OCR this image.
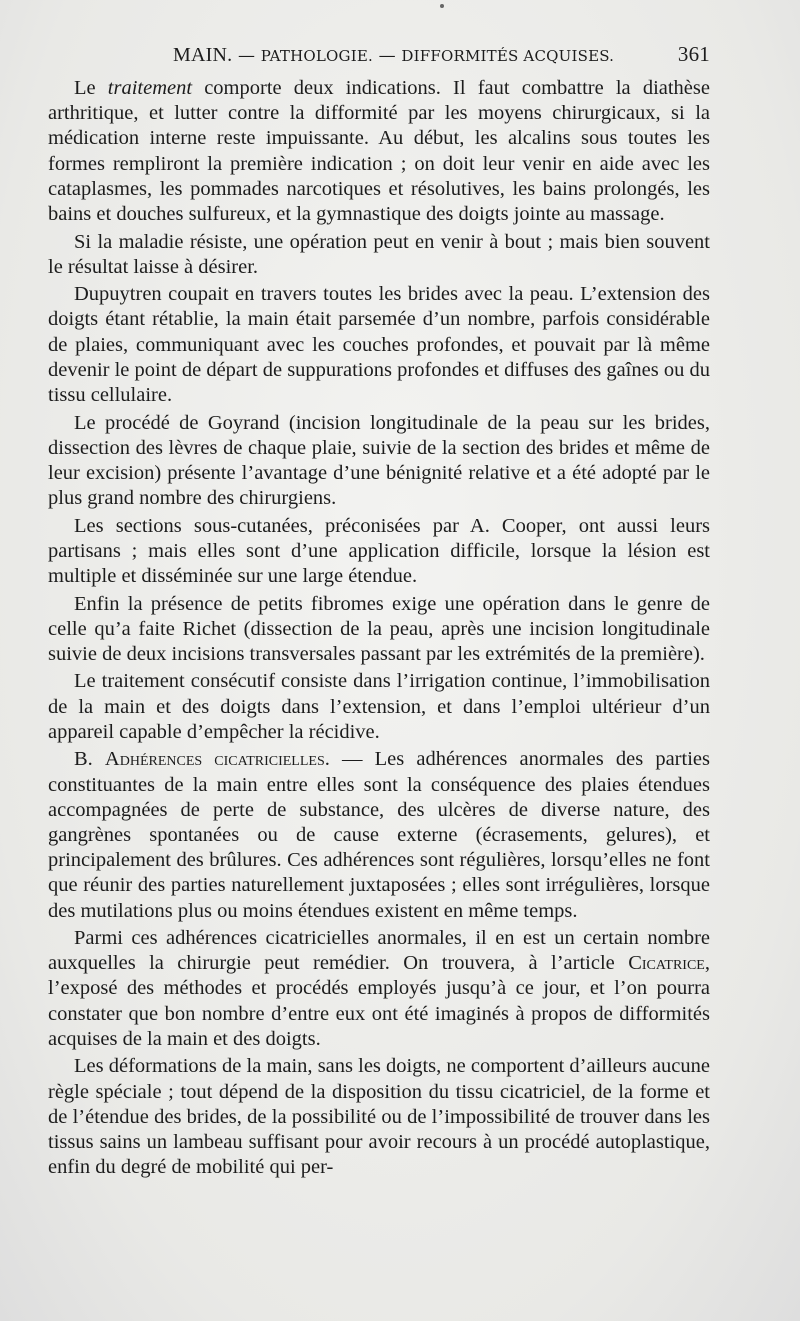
MAIN. — PATHOLOGIE. — DIFFORMITÉS ACQUISES.	361

Le traitement comporte deux indications. Il faut combattre la diathèse arthritique, et lutter contre la difformité par les moyens chirurgicaux, si la médication interne reste impuissante. Au début, les alcalins sous toutes les formes rempliront la première indication ; on doit leur venir en aide avec les cataplasmes, les pommades narcotiques et résolutives, les bains prolongés, les bains et douches sulfureux, et la gymnastique des doigts jointe au massage.

Si la maladie résiste, une opération peut en venir à bout ; mais bien souvent le résultat laisse à désirer.

Dupuytren coupait en travers toutes les brides avec la peau. L’extension des doigts étant rétablie, la main était parsemée d’un nombre, parfois considérable de plaies, communiquant avec les couches profondes, et pouvait par là même devenir le point de départ de suppurations profondes et diffuses des gaînes ou du tissu cellulaire.

Le procédé de Goyrand (incision longitudinale de la peau sur les brides, dissection des lèvres de chaque plaie, suivie de la section des brides et même de leur excision) présente l’avantage d’une bénignité relative et a été adopté par le plus grand nombre des chirurgiens.

Les sections sous-cutanées, préconisées par A. Cooper, ont aussi leurs partisans ; mais elles sont d’une application difficile, lorsque la lésion est multiple et disséminée sur une large étendue.

Enfin la présence de petits fibromes exige une opération dans le genre de celle qu’a faite Richet (dissection de la peau, après une incision longitudinale suivie de deux incisions transversales passant par les extrémités de la première).

Le traitement consécutif consiste dans l’irrigation continue, l’immobilisation de la main et des doigts dans l’extension, et dans l’emploi ultérieur d’un appareil capable d’empêcher la récidive.

B. Adhérences cicatricielles. — Les adhérences anormales des parties constituantes de la main entre elles sont la conséquence des plaies étendues accompagnées de perte de substance, des ulcères de diverse nature, des gangrènes spontanées ou de cause externe (écrasements, gelures), et principalement des brûlures. Ces adhérences sont régulières, lorsqu’elles ne font que réunir des parties naturellement juxtaposées ; elles sont irrégulières, lorsque des mutilations plus ou moins étendues existent en même temps.

Parmi ces adhérences cicatricielles anormales, il en est un certain nombre auxquelles la chirurgie peut remédier. On trouvera, à l’article Cicatrice, l’exposé des méthodes et procédés employés jusqu’à ce jour, et l’on pourra constater que bon nombre d’entre eux ont été imaginés à propos de difformités acquises de la main et des doigts.

Les déformations de la main, sans les doigts, ne comportent d’ailleurs aucune règle spéciale ; tout dépend de la disposition du tissu cicatriciel, de la forme et de l’étendue des brides, de la possibilité ou de l’impossibilité de trouver dans les tissus sains un lambeau suffisant pour avoir recours à un procédé autoplastique, enfin du degré de mobilité qui per-
